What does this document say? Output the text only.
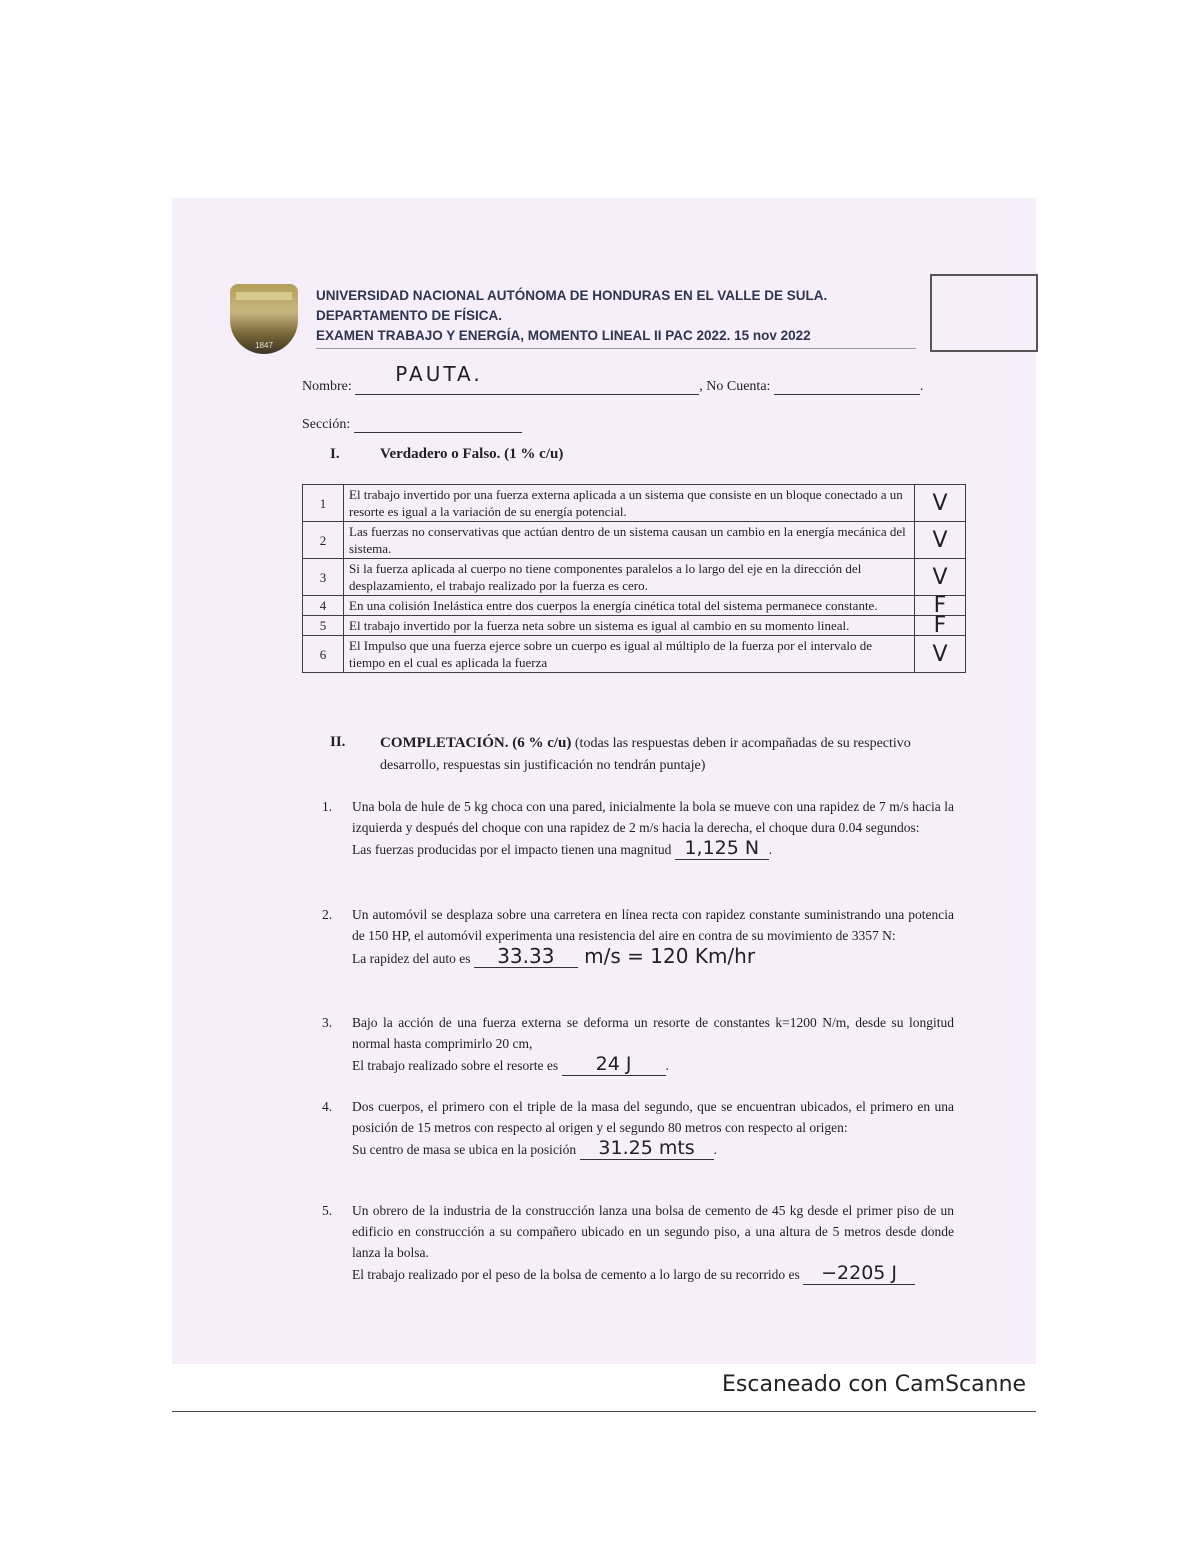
1847
UNIVERSIDAD NACIONAL AUTÓNOMA DE HONDURAS EN EL VALLE DE SULA.
DEPARTAMENTO DE FÍSICA.
EXAMEN TRABAJO Y ENERGÍA, MOMENTO LINEAL II PAC 2022. 15 nov 2022
Nombre:
PAUTA.
, No Cuenta:	.
Sección:
I.	Verdadero o Falso. (1 % c/u)
1	El trabajo invertido por una fuerza externa aplicada a un sistema que consiste en un bloque conectado a un resorte es igual a la variación de su energía potencial.	V
2	Las fuerzas no conservativas que actúan dentro de un sistema causan un cambio en la energía mecánica del sistema.	V
3	Si la fuerza aplicada al cuerpo no tiene componentes paralelos a lo largo del eje en la dirección del desplazamiento, el trabajo realizado por la fuerza es cero.	V
4	En una colisión Inelástica entre dos cuerpos la energía cinética total del sistema permanece constante.	F
5	El trabajo invertido por la fuerza neta sobre un sistema es igual al cambio en su momento lineal.	F
6	El Impulso que una fuerza ejerce sobre un cuerpo es igual al múltiplo de la fuerza por el intervalo de tiempo en el cual es aplicada la fuerza	V
II. COMPLETACIÓN. (6 % c/u) (todas las respuestas deben ir acompañadas de su respectivo desarrollo, respuestas sin justificación no tendrán puntaje)
1. Una bola de hule de 5 kg choca con una pared, inicialmente la bola se mueve con una rapidez de 7 m/s hacia la izquierda y después del choque con una rapidez de 2 m/s hacia la derecha, el choque dura 0.04 segundos:
Las fuerzas producidas por el impacto tienen una magnitud 1,125 N .
2. Un automóvil se desplaza sobre una carretera en línea recta con rapidez constante suministrando una potencia de 150 HP, el automóvil experimenta una resistencia del aire en contra de su movimiento de 3357 N:
La rapidez del auto es 33.33 m/s = 120 Km/hr
3. Bajo la acción de una fuerza externa se deforma un resorte de constantes k=1200 N/m, desde su longitud normal hasta comprimirlo 20 cm,
El trabajo realizado sobre el resorte es 24 J	.
4. Dos cuerpos, el primero con el triple de la masa del segundo, que se encuentran ubicados, el primero en una posición de 15 metros con respecto al origen y el segundo 80 metros con respecto al origen:
Su centro de masa se ubica en la posición 31.25 mts .
5. Un obrero de la industria de la construcción lanza una bolsa de cemento de 45 kg desde el primer piso de un edificio en construcción a su compañero ubicado en un segundo piso, a una altura de 5 metros desde donde lanza la bolsa.
El trabajo realizado por el peso de la bolsa de cemento a lo largo de su recorrido es −2205 J
Escaneado con CamScanne
